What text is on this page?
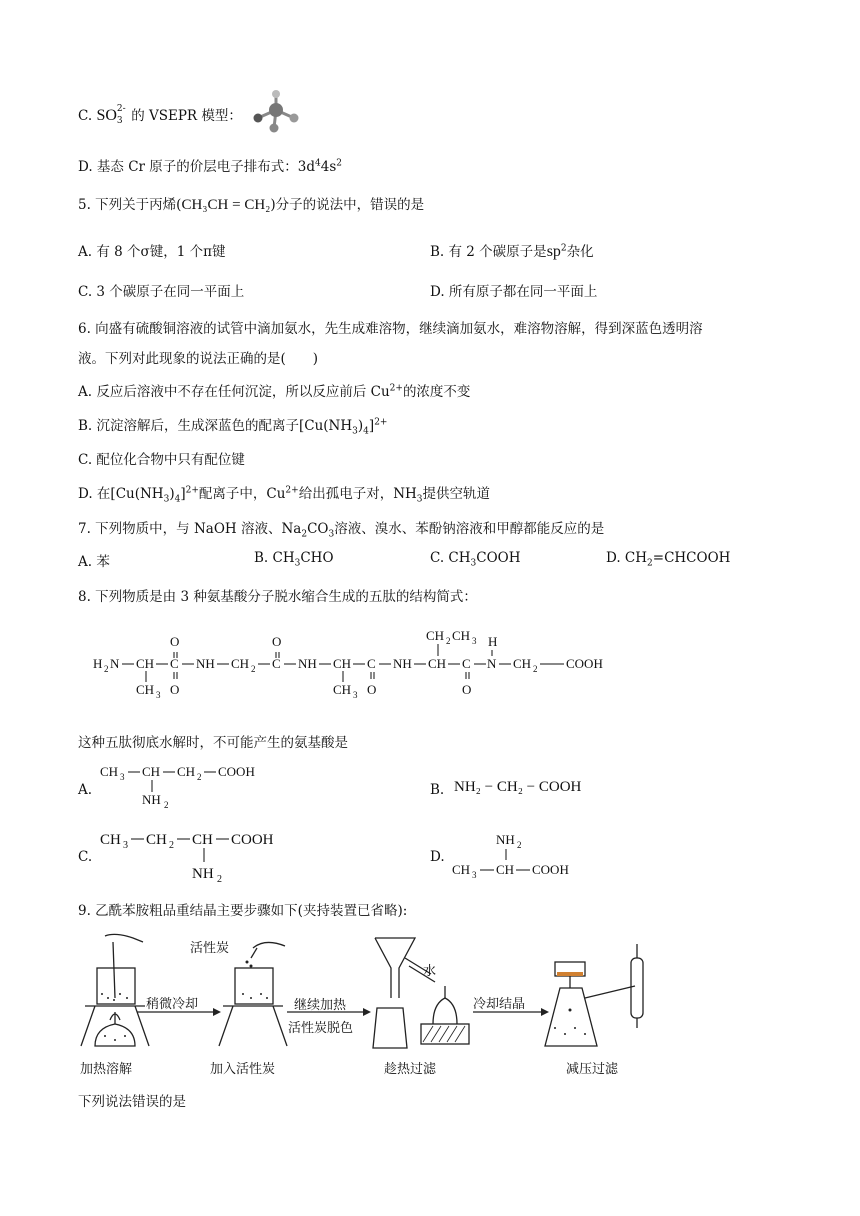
C. SO 2-
3 的 VSEPR 模型：
D. 基态 Cr 原子的价层电子排布式：$3d^44s^2$
5. 下列关于丙烯(CH₃CH = CH₂)分子的说法中，错误的是
A. 有 8 个σ键，1 个π键	B. 有 2 个碳原子是$sp^2$杂化
C. 3 个碳原子在同一平面上	D. 所有原子都在同一平面上
6. 向盛有硫酸铜溶液的试管中滴加氨水，先生成难溶物，继续滴加氨水，难溶物溶解，得到深蓝色透明溶
液。下列对此现象的说法正确的是(　　)
A. 反应后溶液中不存在任何沉淀，所以反应前后 $Cu^{2+}$的浓度不变
B. 沉淀溶解后，生成深蓝色的配离子$[Cu(NH_3)_4]^{2+}$
C. 配位化合物中只有配位键
D. 在$[Cu(NH_3)_4]^{2+}$配离子中，$Cu^{2+}$给出孤电子对，$NH_3$提供空轨道
7. 下列物质中，与 NaOH 溶液、$Na_2CO_3$溶液、溴水、苯酚钠溶液和甲醇都能反应的是
A. 苯	B. $CH_3CHO$	C. $CH_3COOH$	D. $CH_2=CHCOOH$
8. 下列物质是由 3 种氨基酸分子脱水缩合生成的五肽的结构简式：
H 2 N CH
CH 3
C
O
O
NH CH 2 C
O
NH CH
CH 3
C
O
NH CH
CH 2 CH 3
C
O
H
N CH 2 COOH
这种五肽彻底水解时，不可能产生的氨基酸是
A.
CH 3 CH
NH 2
CH 2 COOH
B. NH₂ − CH₂ − COOH
C.
CH 3 CH 2 CH
NH 2
COOH
D.
NH 2
CH 3 CH COOH
9. 乙酰苯胺粗品重结晶主要步骤如下(夹持装置已省略):
活性炭
水
稍微冷却	继续加热
活性炭脱色
冷却结晶
加热溶解	加入活性炭	趁热过滤	减压过滤
下列说法错误的是
